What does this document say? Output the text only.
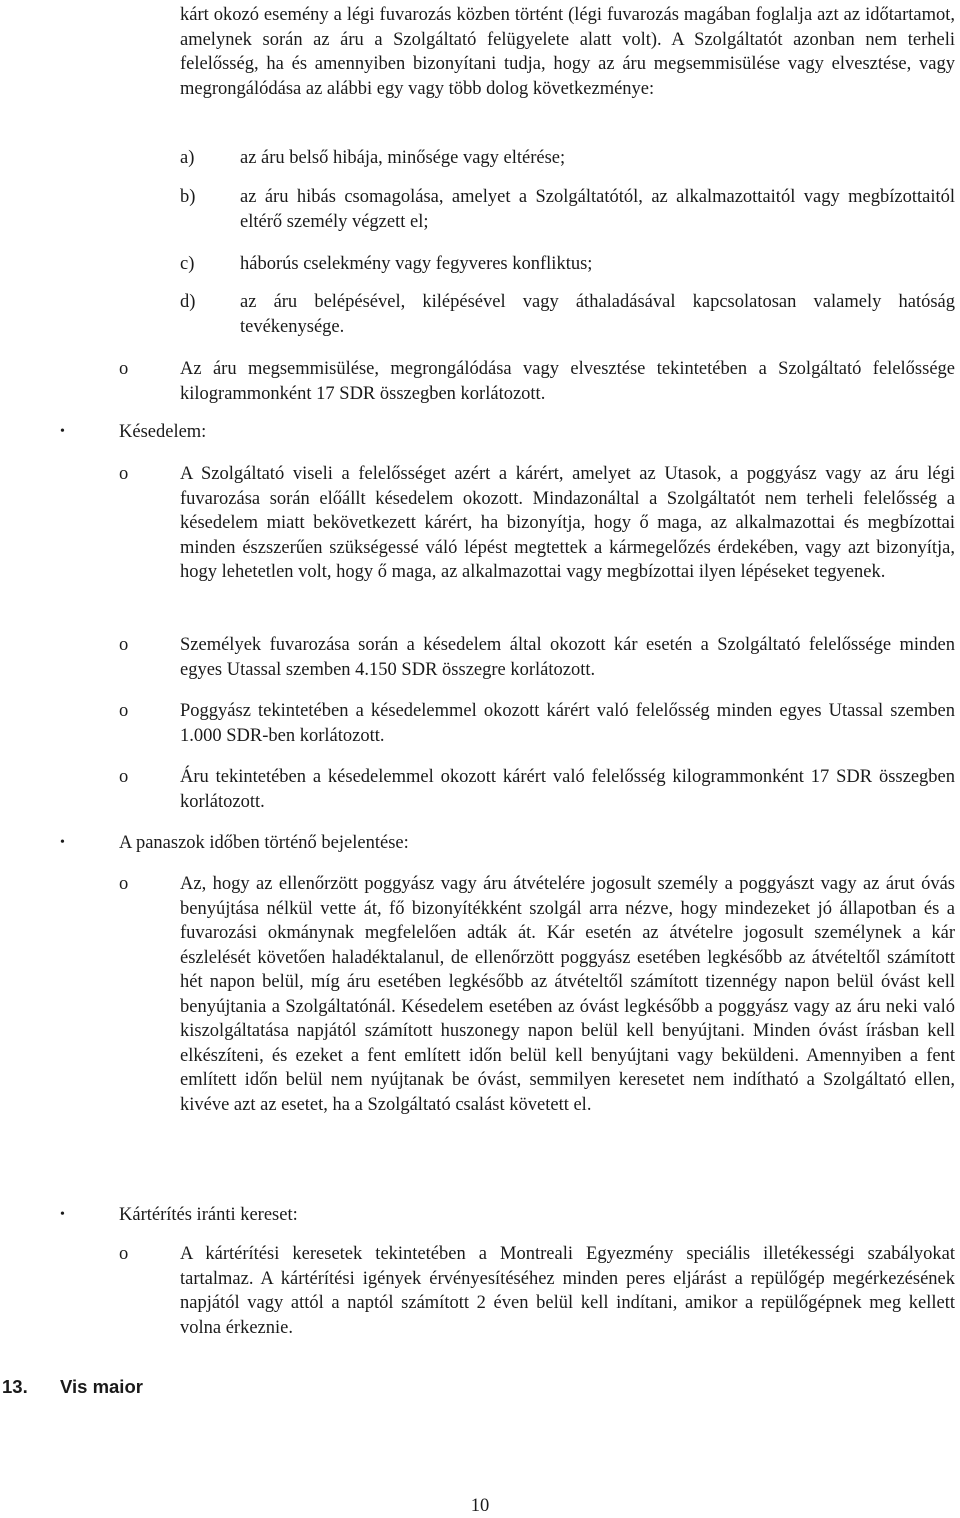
kárt okozó esemény a légi fuvarozás közben történt (légi fuvarozás magában foglalja azt az időtartamot, amelynek során az áru a Szolgáltató felügyelete alatt volt). A Szolgáltatót azonban nem terheli felelősség, ha és amennyiben bizonyítani tudja, hogy az áru megsemmisülése vagy elvesztése, vagy megrongálódása az alábbi egy vagy több dolog következménye:

a) az áru belső hibája, minősége vagy eltérése;

b) az áru hibás csomagolása, amelyet a Szolgáltatótól, az alkalmazottaitól vagy megbízottaitól eltérő személy végzett el;

c) háborús cselekmény vagy fegyveres konfliktus;

d) az áru belépésével, kilépésével vagy áthaladásával kapcsolatosan valamely hatóság tevékenysége.

o	Az áru megsemmisülése, megrongálódása vagy elvesztése tekintetében a Szolgáltató felelőssége kilogrammonként 17 SDR összegben korlátozott.

•	Késedelem:
o	A Szolgáltató viseli a felelősséget azért a kárért, amelyet az Utasok, a poggyász vagy az áru légi fuvarozása során előállt késedelem okozott. Mindazonáltal a Szolgáltatót nem terheli felelősség a késedelem miatt bekövetkezett kárért, ha bizonyítja, hogy ő maga, az alkalmazottai és megbízottai minden észszerűen szükségessé váló lépést megtettek a kármegelőzés érdekében, vagy azt bizonyítja, hogy lehetetlen volt, hogy ő maga, az alkalmazottai vagy megbízottai ilyen lépéseket tegyenek.

o	Személyek fuvarozása során a késedelem által okozott kár esetén a Szolgáltató felelőssége minden egyes Utassal szemben 4.150 SDR összegre korlátozott.

o	Poggyász tekintetében a késedelemmel okozott kárért való felelősség minden egyes Utassal szemben 1.000 SDR-ben korlátozott.

o	Áru tekintetében a késedelemmel okozott kárért való felelősség kilogrammonként 17 SDR összegben korlátozott.

•	A panaszok időben történő bejelentése:
o	Az, hogy az ellenőrzött poggyász vagy áru átvételére jogosult személy a poggyászt vagy az árut óvás benyújtása nélkül vette át, fő bizonyítékként szolgál arra nézve, hogy mindezeket jó állapotban és a fuvarozási okmánynak megfelelően adták át. Kár esetén az átvételre jogosult személynek a kár észlelését követően haladéktalanul, de ellenőrzött poggyász esetében legkésőbb az átvételtől számított hét napon belül, míg áru esetében legkésőbb az átvételtől számított tizennégy napon belül óvást kell benyújtania a Szolgáltatónál. Késedelem esetében az óvást legkésőbb a poggyász vagy az áru neki való kiszolgáltatása napjától számított huszonegy napon belül kell benyújtani. Minden óvást írásban kell elkészíteni, és ezeket a fent említett időn belül kell benyújtani vagy beküldeni. Amennyiben a fent említett időn belül nem nyújtanak be óvást, semmilyen keresetet nem indítható a Szolgáltató ellen, kivéve azt az esetet, ha a Szolgáltató csalást követett el.

•	Kártérítés iránti kereset:
o	A kártérítési keresetek tekintetében a Montreali Egyezmény speciális illetékességi szabályokat tartalmaz. A kártérítési igények érvényesítéséhez minden peres eljárást a repülőgép megérkezésének napjától vagy attól a naptól számított 2 éven belül kell indítani, amikor a repülőgépnek meg kellett volna érkeznie.

13. Vis maior
10
